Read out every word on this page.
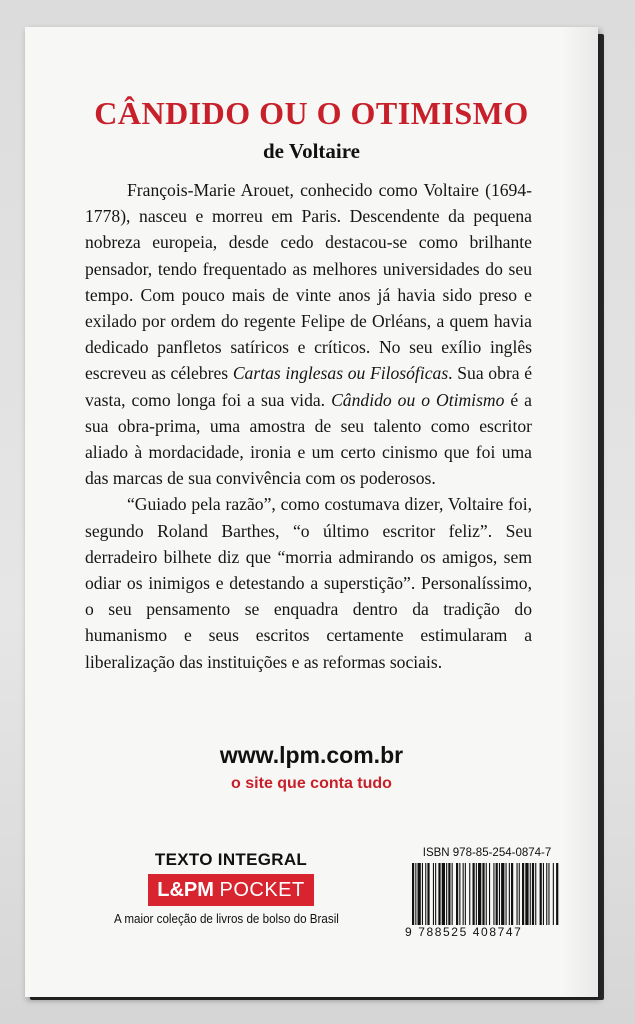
CÂNDIDO OU O OTIMISMO
de Voltaire

François-Marie Arouet, conhecido como Voltaire (1694-1778), nasceu e morreu em Paris. Descendente da pequena nobreza europeia, desde cedo destacou-se como brilhante pensador, tendo frequentado as melhores universidades do seu tempo. Com pouco mais de vinte anos já havia sido preso e exilado por ordem do regente Felipe de Orléans, a quem havia dedicado panfletos satíricos e críticos. No seu exílio inglês escreveu as célebres Cartas inglesas ou Filosóficas. Sua obra é vasta, como longa foi a sua vida. Cândido ou o Otimismo é a sua obra-prima, uma amostra de seu talento como escritor aliado à mordacidade, ironia e um certo cinismo que foi uma das marcas de sua convivência com os poderosos.

“Guiado pela razão”, como costumava dizer, Voltaire foi, segundo Roland Barthes, “o último escritor feliz”. Seu derradeiro bilhete diz que “morria admirando os amigos, sem odiar os inimigos e detestando a superstição”. Personalíssimo, o seu pensamento se enquadra dentro da tradição do humanismo e seus escritos certamente estimularam a liberalização das instituições e as reformas sociais.

www.lpm.com.br
o site que conta tudo
TEXTO INTEGRAL
L&PM POCKET
A maior coleção de livros de bolso do Brasil
ISBN 978-85-254-0874-7
9 788525 408747
